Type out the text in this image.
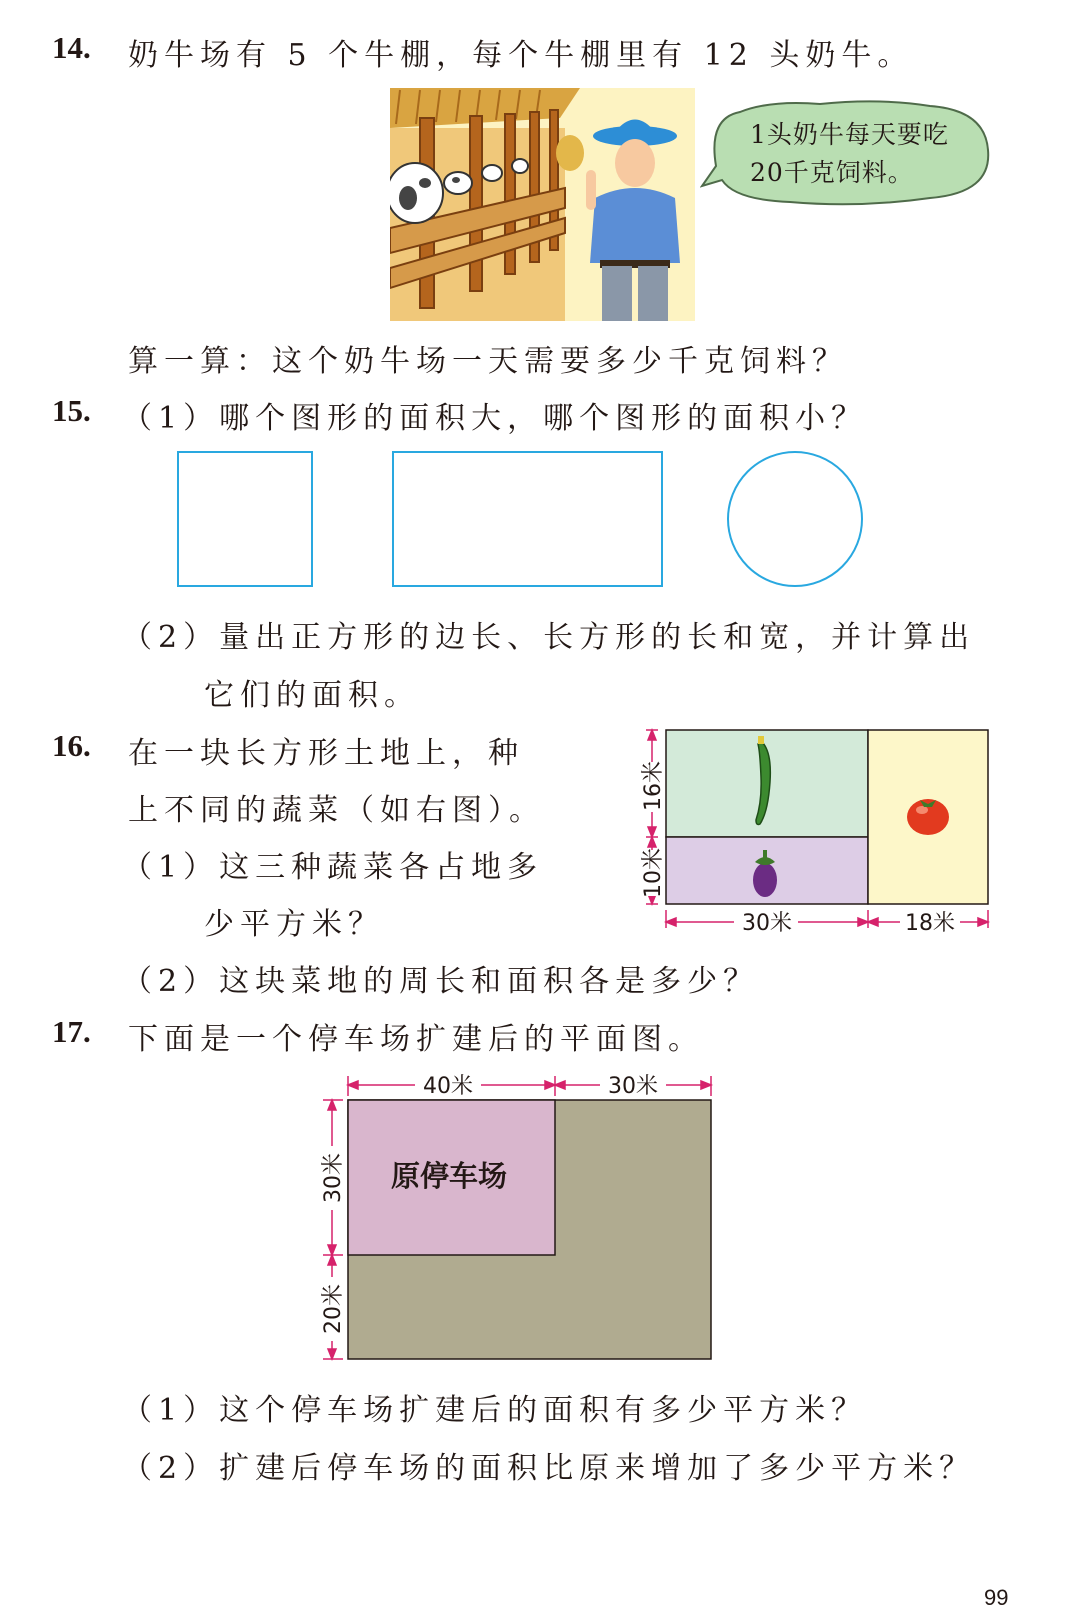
14. 奶牛场有 5 个牛棚，每个牛棚里有 12 头奶牛。
1头奶牛每天要吃
20千克饲料。
算一算：这个奶牛场一天需要多少千克饲料？
15. （1）哪个图形的面积大，哪个图形的面积小？
（2）量出正方形的边长、长方形的长和宽，并计算出
它们的面积。
16. 在一块长方形土地上，种
上不同的蔬菜（如右图）。
（1）这三种蔬菜各占地多
少平方米？
（2）这块菜地的周长和面积各是多少？
16米
10米
30米	18米
17. 下面是一个停车场扩建后的平面图。
原停车场
40米	30米
30米
20米
（1）这个停车场扩建后的面积有多少平方米？
（2）扩建后停车场的面积比原来增加了多少平方米？
99
